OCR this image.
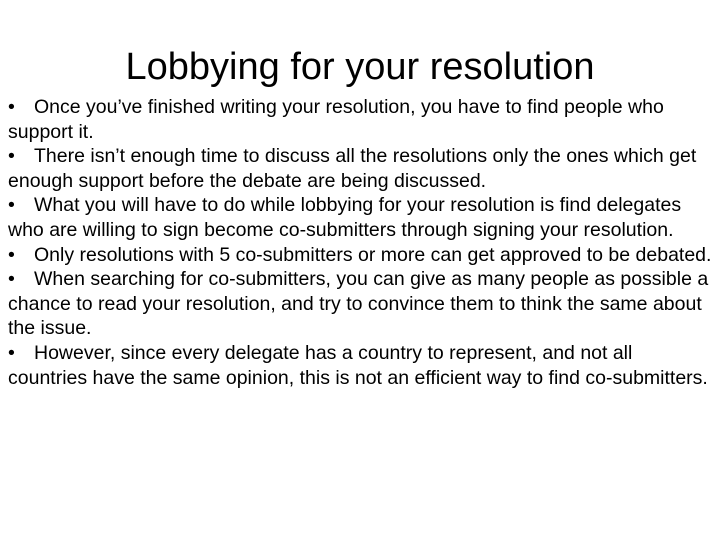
Lobbying for your resolution
• Once you’ve finished writing your resolution, you have to find people who support it.
• There isn’t enough time to discuss all the resolutions only the ones which get enough support before the debate are being discussed.
• What you will have to do while lobbying for your resolution is find delegates who are willing to sign become co-submitters through signing your resolution.
• Only resolutions with 5 co-submitters or more can get approved to be debated.
• When searching for co-submitters, you can give as many people as possible a chance to read your resolution, and try to convince them to think the same about the issue.
• However, since every delegate has a country to represent, and not all countries have the same opinion, this is not an efficient way to find co-submitters.
